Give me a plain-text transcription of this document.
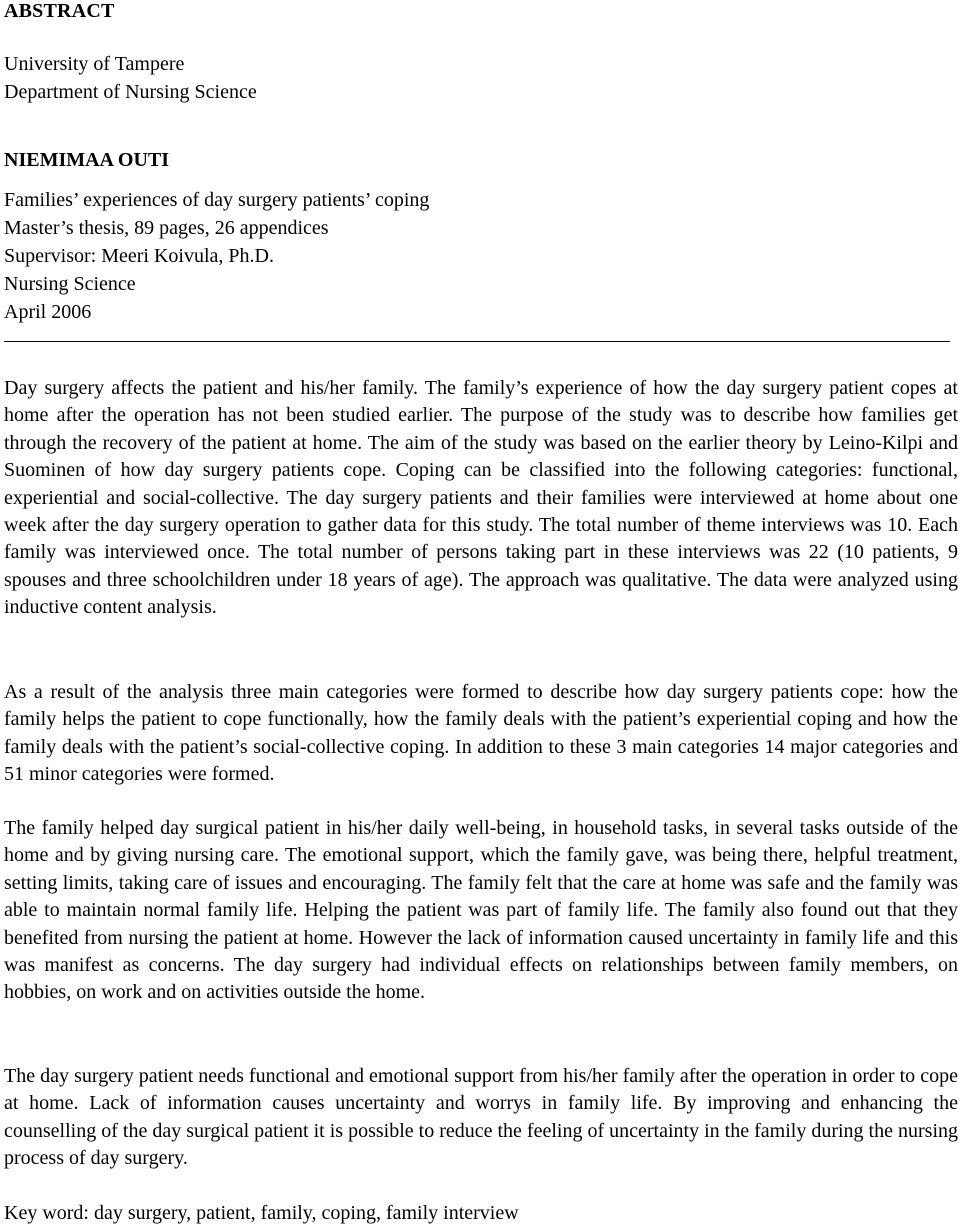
ABSTRACT

University of Tampere

Department of Nursing Science

NIEMIMAA OUTI

Families’ experiences of day surgery patients’ coping

Master’s thesis, 89 pages, 26 appendices

Supervisor: Meeri Koivula, Ph.D.

Nursing Science

April 2006

Day surgery affects the patient and his/her family. The family’s experience of how the day surgery patient copes at home after the operation has not been studied earlier. The purpose of the study was to describe how families get through the recovery of the patient at home. The aim of the study was based on the earlier theory by Leino-Kilpi and Suominen of how day surgery patients cope. Coping can be classified into the following categories: functional, experiential and social-collective. The day surgery patients and their families were interviewed at home about one week after the day surgery operation to gather data for this study. The total number of theme interviews was 10. Each family was interviewed once. The total number of persons taking part in these interviews was 22 (10 patients, 9 spouses and three schoolchildren under 18 years of age). The approach was qualitative. The data were analyzed using inductive content analysis.

As a result of the analysis three main categories were formed to describe how day surgery patients cope: how the family helps the patient to cope functionally, how the family deals with the patient’s experiential coping and how the family deals with the patient’s social-collective coping. In addition to these 3 main categories 14 major categories and 51 minor categories were formed.

The family helped day surgical patient in his/her daily well-being, in household tasks, in several tasks outside of the home and by giving nursing care. The emotional support, which the family gave, was being there, helpful treatment, setting limits, taking care of issues and encouraging. The family felt that the care at home was safe and the family was able to maintain normal family life. Helping the patient was part of family life. The family also found out that they benefited from nursing the patient at home. However the lack of information caused uncertainty in family life and this was manifest as concerns. The day surgery had individual effects on relationships between family members, on hobbies, on work and on activities outside the home.

The day surgery patient needs functional and emotional support from his/her family after the operation in order to cope at home. Lack of information causes uncertainty and worrys in family life. By improving and enhancing the counselling of the day surgical patient it is possible to reduce the feeling of uncertainty in the family during the nursing process of day surgery.

Key word: day surgery, patient, family, coping, family interview
